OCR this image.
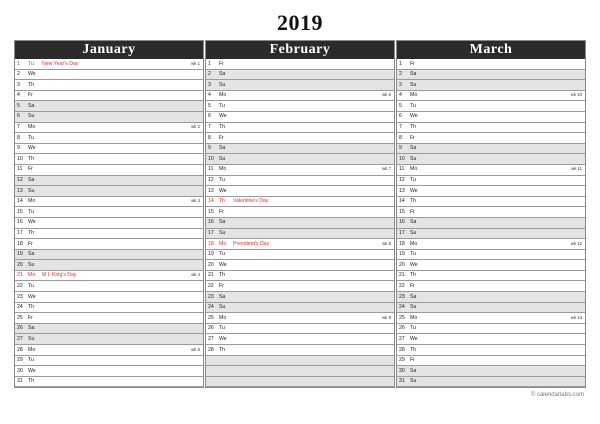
2019
January
1	Tu	New Year's Day	wk 1
2	We
3	Th
4	Fr
5	Sa
6	Su
7	Mo	wk 2
8	Tu
9	We
10	Th
11	Fr
12	Sa
13	Su
14	Mo	wk 3
15	Tu
16	We
17	Th
18	Fr
19	Sa
20	Su
21	Mo	M L King's Day	wk 4
22	Tu
23	We
24	Th
25	Fr
26	Sa
27	Su
28	Mo	wk 5
29	Tu
30	We
31	Th
February
1	Fr
2	Sa
3	Su
4	Mo	wk 6
5	Tu
6	We
7	Th
8	Fr
9	Sa
10	Su
11	Mo	wk 7
12	Tu
13	We
14	Th	Valentine's Day
15	Fr
16	Sa
17	Su
18	Mo	President's Day	wk 8
19	Tu
20	We
21	Th
22	Fr
23	Sa
24	Su
25	Mo	wk 9
26	Tu
27	We
28	Th
March
1	Fr
2	Sa
3	Su
4	Mo	wk 10
5	Tu
6	We
7	Th
8	Fr
9	Sa
10	Su
11	Mo	wk 11
12	Tu
13	We
14	Th
15	Fr
16	Sa
17	Su
18	Mo	wk 12
19	Tu
20	We
21	Th
22	Fr
23	Sa
24	Su
25	Mo	wk 13
26	Tu
27	We
28	Th
29	Fr
30	Sa
31	Su
© calendarlabs.com
